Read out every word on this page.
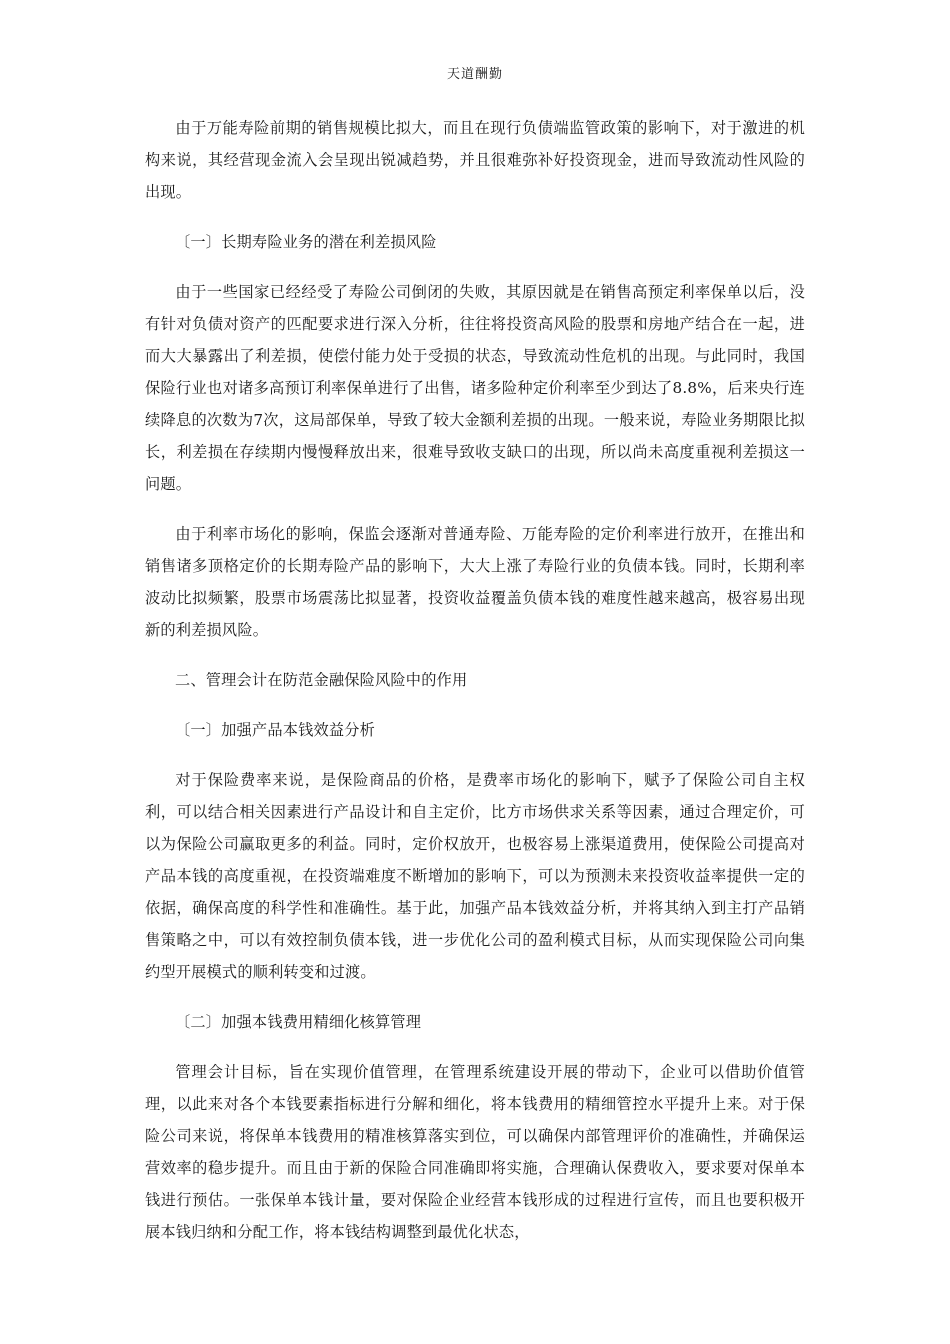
天道酬勤

由于万能寿险前期的销售规模比拟大，而且在现行负债端监管政策的影响下，对于激进的机构来说，其经营现金流入会呈现出锐减趋势，并且很难弥补好投资现金，进而导致流动性风险的出现。

〔一〕长期寿险业务的潜在利差损风险

由于一些国家已经经受了寿险公司倒闭的失败，其原因就是在销售高预定利率保单以后，没有针对负债对资产的匹配要求进行深入分析，往往将投资高风险的股票和房地产结合在一起，进而大大暴露出了利差损，使偿付能力处于受损的状态，导致流动性危机的出现。与此同时，我国保险行业也对诸多高预订利率保单进行了出售，诸多险种定价利率至少到达了8.8%，后来央行连续降息的次数为7次，这局部保单，导致了较大金额利差损的出现。一般来说，寿险业务期限比拟长，利差损在存续期内慢慢释放出来，很难导致收支缺口的出现，所以尚未高度重视利差损这一问题。

由于利率市场化的影响，保监会逐渐对普通寿险、万能寿险的定价利率进行放开，在推出和销售诸多顶格定价的长期寿险产品的影响下，大大上涨了寿险行业的负债本钱。同时，长期利率波动比拟频繁，股票市场震荡比拟显著，投资收益覆盖负债本钱的难度性越来越高，极容易出现新的利差损风险。

二、管理会计在防范金融保险风险中的作用

〔一〕加强产品本钱效益分析

对于保险费率来说，是保险商品的价格，是费率市场化的影响下，赋予了保险公司自主权利，可以结合相关因素进行产品设计和自主定价，比方市场供求关系等因素，通过合理定价，可以为保险公司赢取更多的利益。同时，定价权放开，也极容易上涨渠道费用，使保险公司提高对产品本钱的高度重视，在投资端难度不断增加的影响下，可以为预测未来投资收益率提供一定的依据，确保高度的科学性和准确性。基于此，加强产品本钱效益分析，并将其纳入到主打产品销售策略之中，可以有效控制负债本钱，进一步优化公司的盈利模式目标，从而实现保险公司向集约型开展模式的顺利转变和过渡。

〔二〕加强本钱费用精细化核算管理

管理会计目标，旨在实现价值管理，在管理系统建设开展的带动下，企业可以借助价值管理，以此来对各个本钱要素指标进行分解和细化，将本钱费用的精细管控水平提升上来。对于保险公司来说，将保单本钱费用的精准核算落实到位，可以确保内部管理评价的准确性，并确保运营效率的稳步提升。而且由于新的保险合同准确即将实施，合理确认保费收入，要求要对保单本钱进行预估。一张保单本钱计量，要对保险企业经营本钱形成的过程进行宣传，而且也要积极开展本钱归纳和分配工作，将本钱结构调整到最优化状态，
